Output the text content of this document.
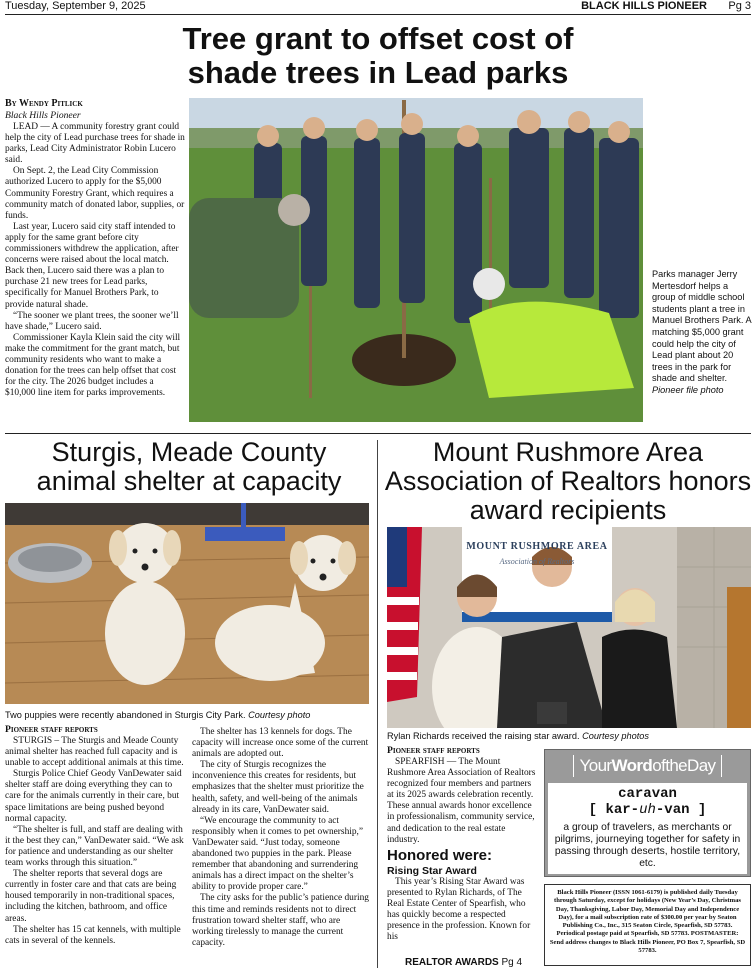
Tuesday, September 9, 2025	BLACK HILLS PIONEER Pg 3
Tree grant to offset cost of
shade trees in Lead parks
By Wendy Pitlick
Black Hills Pioneer

LEAD — A community forestry grant could help the city of Lead purchase trees for shade in parks, Lead City Administrator Robin Lucero said.

On Sept. 2, the Lead City Commission authorized Lucero to apply for the $5,000 Community Forestry Grant, which requires a community match of donated labor, supplies, or funds.

Last year, Lucero said city staff intended to apply for the same grant before city commissioners withdrew the application, after concerns were raised about the local match. Back then, Lucero said there was a plan to purchase 21 new trees for Lead parks, specifically for Manuel Brothers Park, to provide natural shade.

“The sooner we plant trees, the sooner we’ll have shade,” Lucero said.

Commissioner Kayla Klein said the city will make the commitment for the grant match, but community residents who want to make a donation for the trees can help offset that cost for the city. The 2026 budget includes a $10,000 line item for parks improvements.

Parks manager Jerry Mertesdorf helps a group of middle school students plant a tree in Manuel Brothers Park. A matching $5,000 grant could help the city of Lead plant about 20 trees in the park for shade and shelter. Pioneer file photo
Sturgis, Meade County
animal shelter at capacity
Two puppies were recently abandoned in Sturgis City Park. Courtesy photo
Pioneer staff reports

STURGIS – The Sturgis and Meade County animal shelter has reached full capacity and is unable to accept additional animals at this time.

Sturgis Police Chief Geody VanDewater said shelter staff are doing everything they can to care for the animals currently in their care, but space limitations are being pushed beyond normal capacity.

“The shelter is full, and staff are dealing with it the best they can,” VanDewater said. “We ask for patience and understanding as our shelter team works through this situation.”

The shelter reports that several dogs are currently in foster care and that cats are being housed temporarily in non-traditional spaces, including the kitchen, bathroom, and office areas.

The shelter has 15 cat kennels, with multiple cats in several of the kennels.

The shelter has 13 kennels for dogs. The capacity will increase once some of the current animals are adopted out.

The city of Sturgis recognizes the inconvenience this creates for residents, but emphasizes that the shelter must prioritize the health, safety, and well-being of the animals already in its care, VanDewater said.

“We encourage the community to act responsibly when it comes to pet ownership,” VanDewater said. “Just today, someone abandoned two puppies in the park. Please remember that abandoning and surrendering animals has a direct impact on the shelter’s ability to provide proper care.”

The city asks for the public’s patience during this time and reminds residents not to direct frustration toward shelter staff, who are working tirelessly to manage the current capacity.

Mount Rushmore Area
Association of Realtors honors
award recipients
MOUNT RUSHMORE AREA
Association of Realtors
Rylan Richards received the raising star award. Courtesy photos
Pioneer staff reports

SPEARFISH — The Mount Rushmore Area Association of Realtors recognized four members and partners at its 2025 awards celebration recently. These annual awards honor excellence in professionalism, community service, and dedication to the real estate industry.

Honored were:
Rising Star Award

This year’s Rising Star Award was presented to Rylan Richards, of The Real Estate Center of Spearfish, who has quickly become a respected presence in the profession. Known for his

REALTOR AWARDS Pg 4
YourWordoftheDay
caravan
[ kar-uh-van ]
a group of travelers, as merchants or pilgrims, journeying together for safety in passing through deserts, hostile territory, etc.
Black Hills Pioneer (ISSN 1061-6179) is published daily Tuesday through Saturday, except for holidays (New Year’s Day, Christmas Day, Thanksgiving, Labor Day, Memorial Day and Independence Day), for a mail subscription rate of $300.00 per year by Seaton Publishing Co., Inc., 315 Seaton Circle, Spearfish, SD 57783. Periodical postage paid at Spearfish, SD 57783. POSTMASTER: Send address changes to Black Hills Pioneer, PO Box 7, Spearfish, SD 57783.
